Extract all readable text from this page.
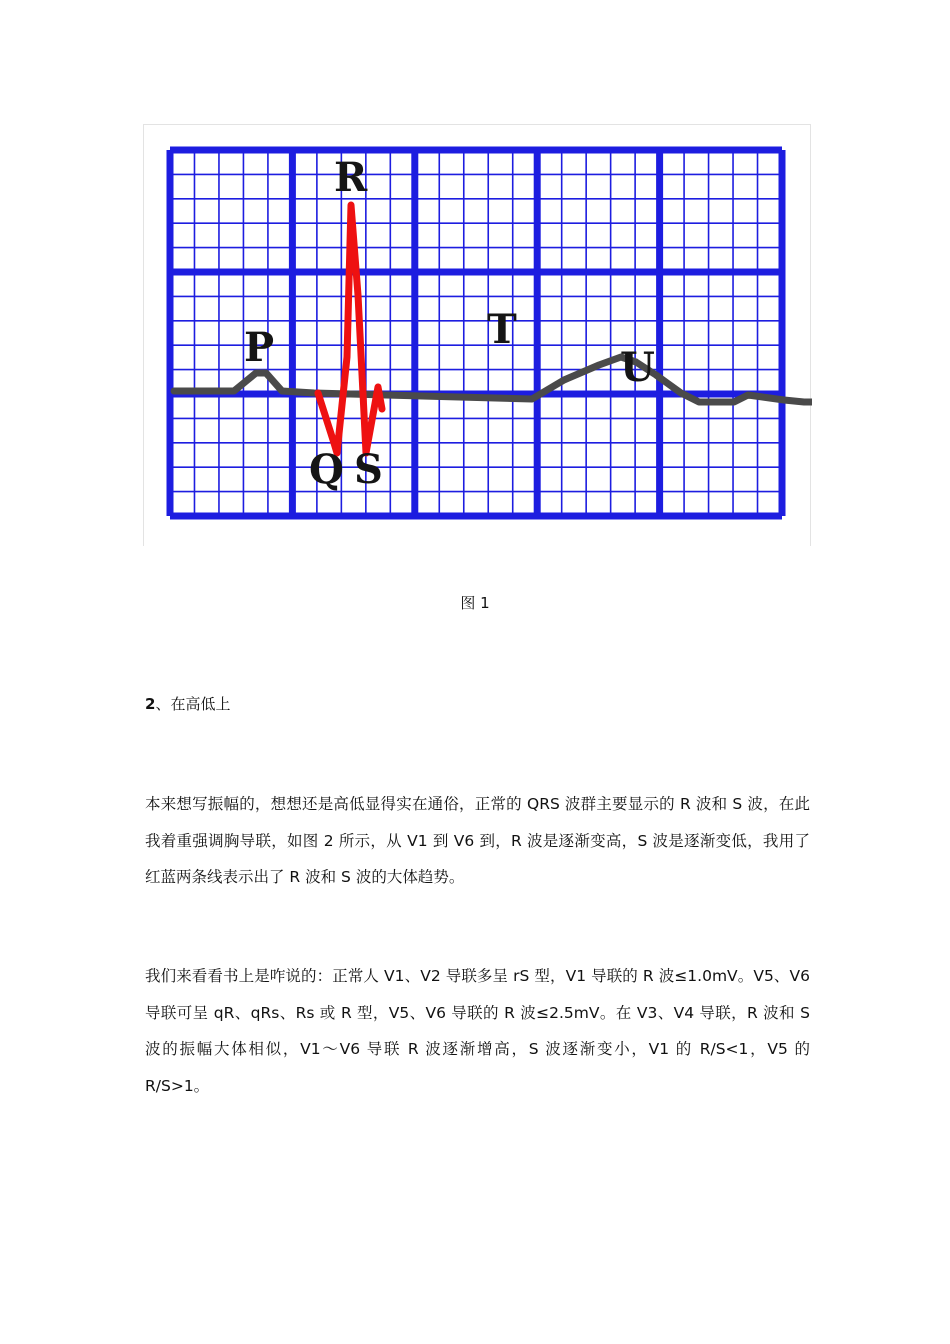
R
P
Q S
T
U
图 1
2、在高低上

本来想写振幅的，想想还是高低显得实在通俗，正常的 QRS 波群主要显示的 R 波和 S 波，在此我着重强调胸导联，如图 2 所示，从 V1 到 V6 到，R 波是逐渐变高，S 波是逐渐变低，我用了红蓝两条线表示出了 R 波和 S 波的大体趋势。

我们来看看书上是咋说的：正常人 V1、V2 导联多呈 rS 型，V1 导联的 R 波≤1.0mV。V5、V6 导联可呈 qR、qRs、Rs 或 R 型，V5、V6 导联的 R 波≤2.5mV。在 V3、V4 导联，R 波和 S 波的振幅大体相似，V1～V6 导联 R 波逐渐增高，S 波逐渐变小，V1 的 R/S<1，V5 的 R/S>1。
